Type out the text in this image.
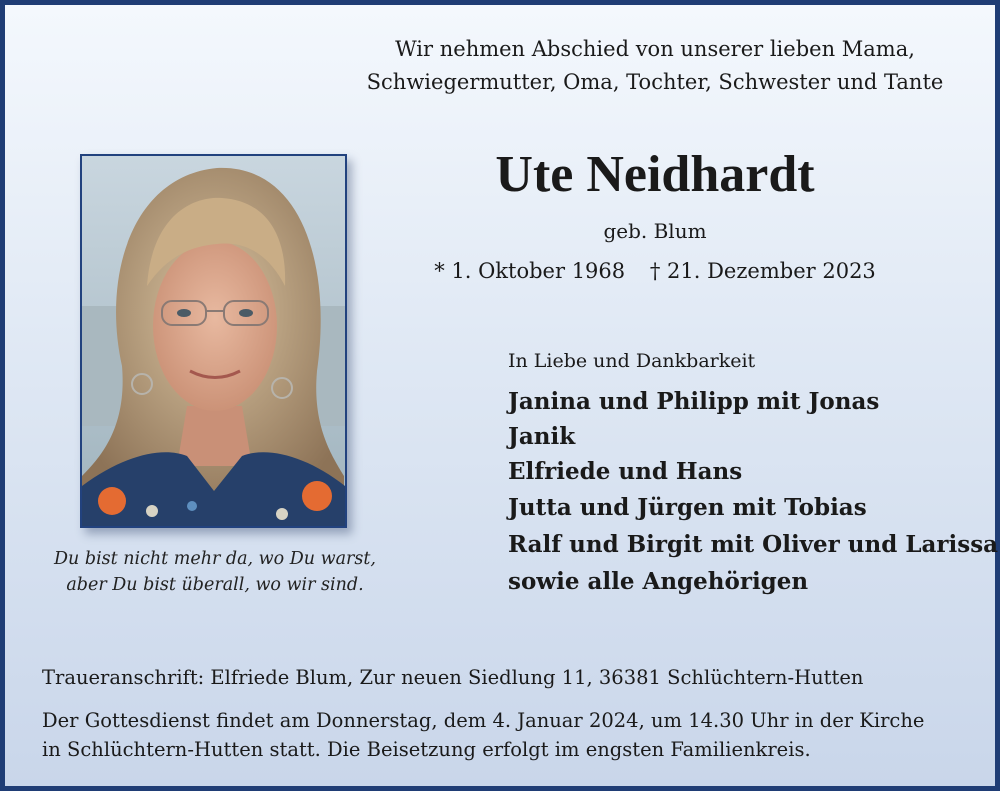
Wir nehmen Abschied von unserer lieben Mama,
Schwiegermutter, Oma, Tochter, Schwester und Tante
Ute Neidhardt
geb. Blum
* 1. Oktober 1968 † 21. Dezember 2023
Du bist nicht mehr da, wo Du warst,
aber Du bist überall, wo wir sind.
In Liebe und Dankbarkeit
Janina und Philipp mit Jonas
Janik
Elfriede und Hans
Jutta und Jürgen mit Tobias
Ralf und Birgit mit Oliver und Larissa
sowie alle Angehörigen
Traueranschrift: Elfriede Blum, Zur neuen Siedlung 11, 36381 Schlüchtern-Hutten
Der Gottesdienst findet am Donnerstag, dem 4. Januar 2024, um 14.30 Uhr in der Kirche
in Schlüchtern-Hutten statt. Die Beisetzung erfolgt im engsten Familienkreis.
